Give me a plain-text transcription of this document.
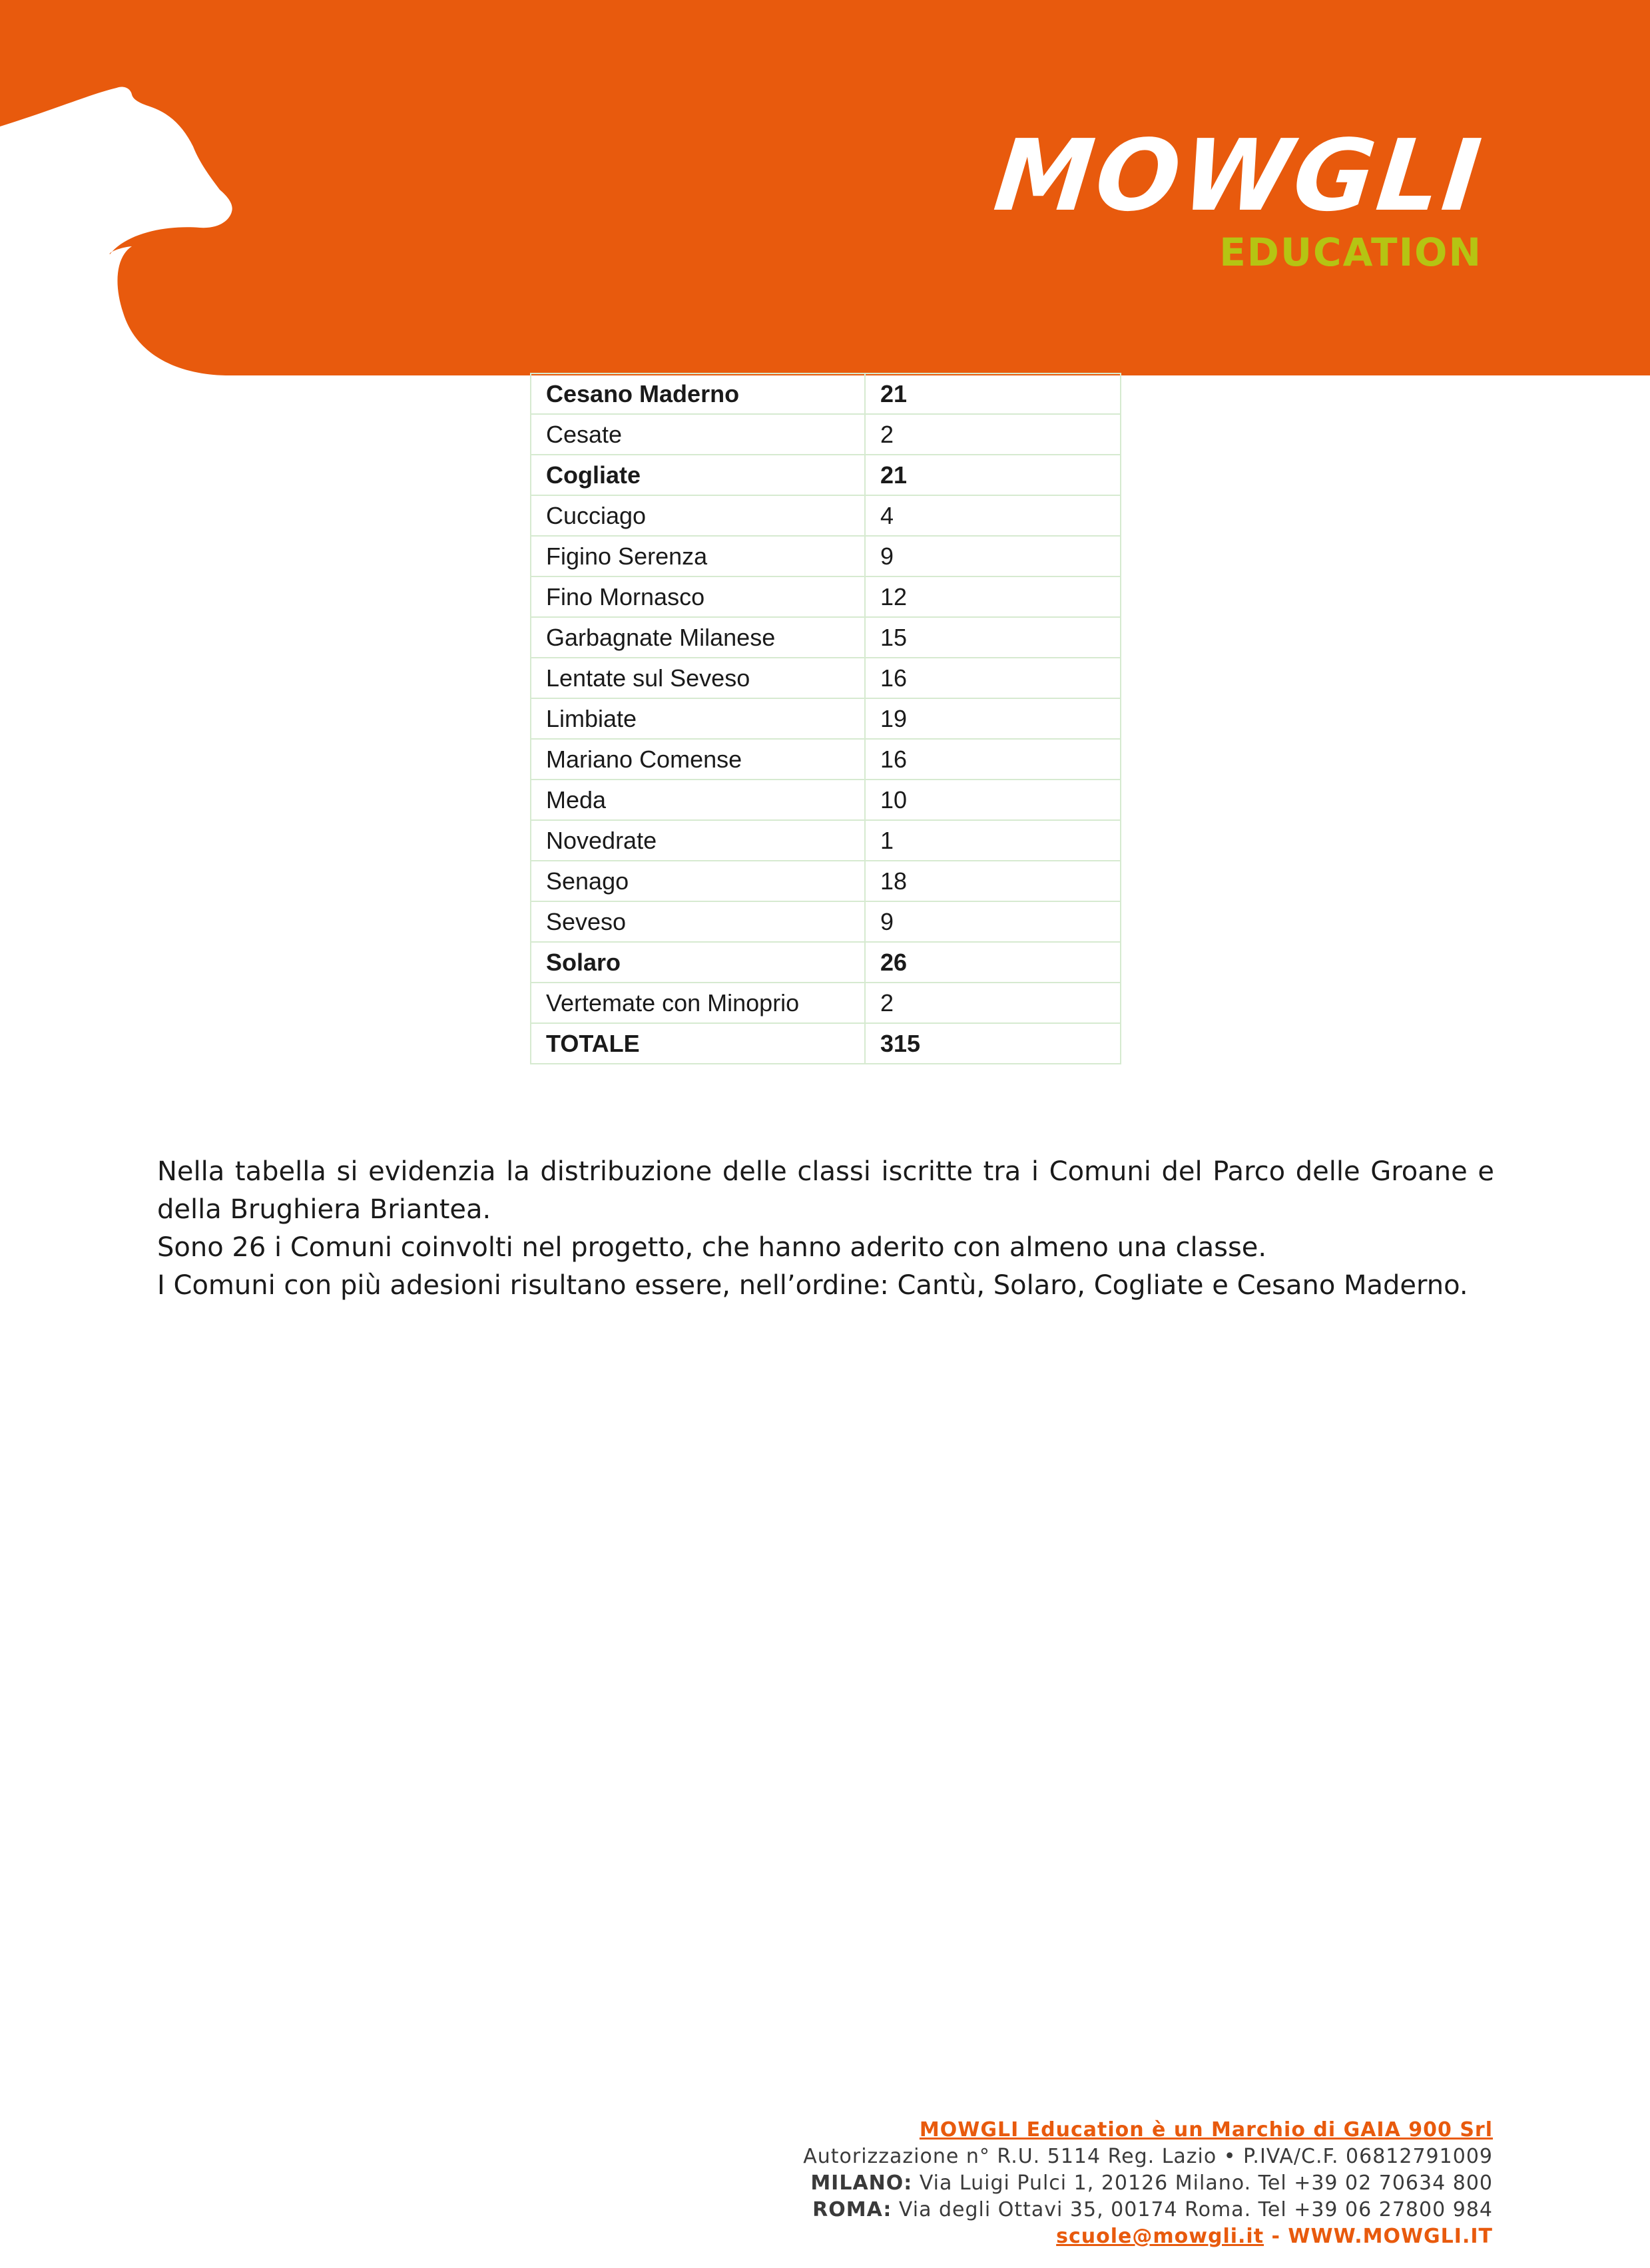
MOWGLI
EDUCATION
Cesano Maderno	21
Cesate	2
Cogliate	21
Cucciago	4
Figino Serenza	9
Fino Mornasco	12
Garbagnate Milanese	15
Lentate sul Seveso	16
Limbiate	19
Mariano Comense	16
Meda	10
Novedrate	1
Senago	18
Seveso	9
Solaro	26
Vertemate con Minoprio	2
TOTALE	315

Nella tabella si evidenzia la distribuzione delle classi iscritte tra i Comuni del Parco delle Groane e della Brughiera Briantea.

Sono 26 i Comuni coinvolti nel progetto, che hanno aderito con almeno una classe.

I Comuni con più adesioni risultano essere, nell’ordine: Cantù, Solaro, Cogliate e Cesano Maderno.

MOWGLI Education è un Marchio di GAIA 900 Srl
Autorizzazione n° R.U. 5114 Reg. Lazio • P.IVA/C.F. 06812791009
MILANO: Via Luigi Pulci 1, 20126 Milano. Tel +39 02 70634 800
ROMA: Via degli Ottavi 35, 00174 Roma. Tel +39 06 27800 984
scuole@mowgli.it - WWW.MOWGLI.IT
